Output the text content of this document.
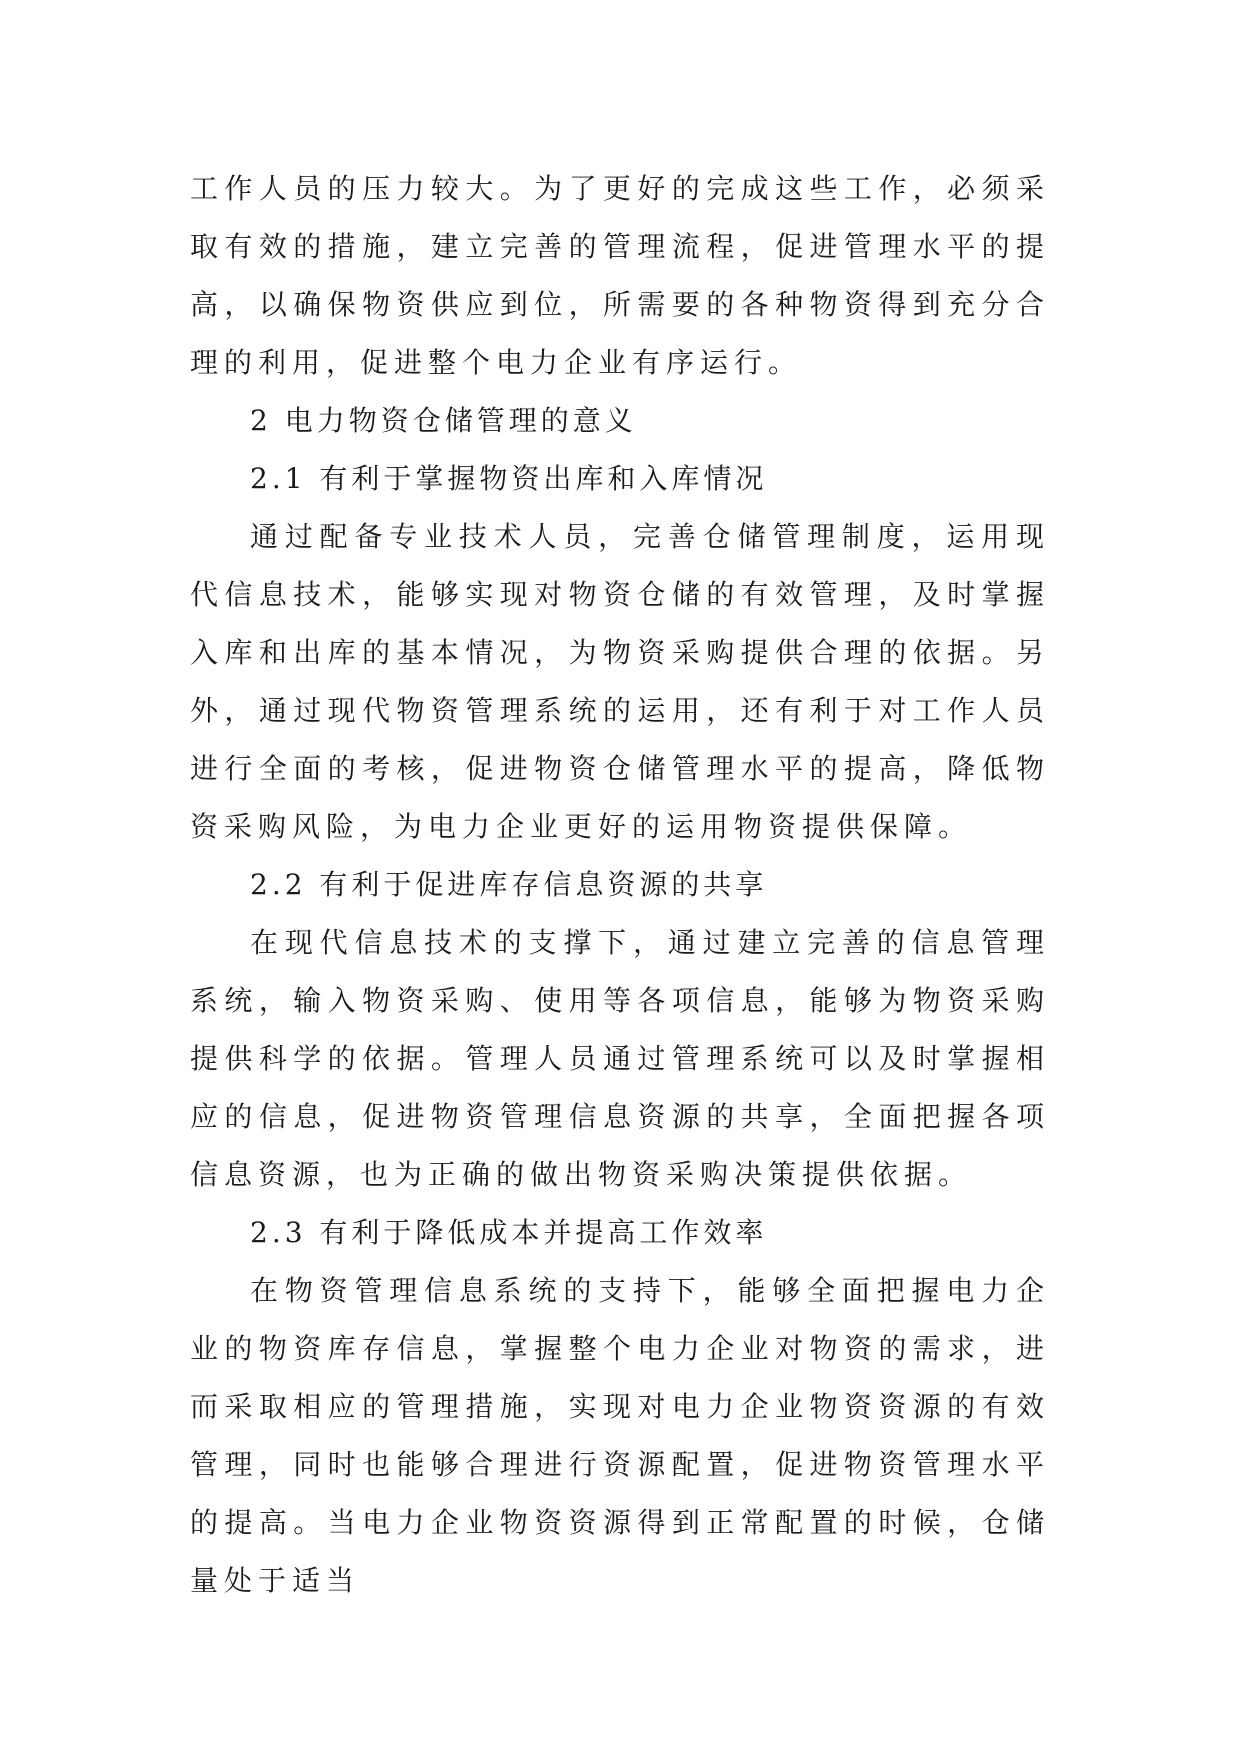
工作人员的压力较大。为了更好的完成这些工作，必须采取有效的措施，建立完善的管理流程，促进管理水平的提高，以确保物资供应到位，所需要的各种物资得到充分合理的利用，促进整个电力企业有序运行。

2 电力物资仓储管理的意义

2.1 有利于掌握物资出库和入库情况

通过配备专业技术人员，完善仓储管理制度，运用现代信息技术，能够实现对物资仓储的有效管理，及时掌握入库和出库的基本情况，为物资采购提供合理的依据。另外，通过现代物资管理系统的运用，还有利于对工作人员进行全面的考核，促进物资仓储管理水平的提高，降低物资采购风险，为电力企业更好的运用物资提供保障。

2.2 有利于促进库存信息资源的共享

在现代信息技术的支撑下，通过建立完善的信息管理系统，输入物资采购、使用等各项信息，能够为物资采购提供科学的依据。管理人员通过管理系统可以及时掌握相应的信息，促进物资管理信息资源的共享，全面把握各项信息资源，也为正确的做出物资采购决策提供依据。

2.3 有利于降低成本并提高工作效率

在物资管理信息系统的支持下，能够全面把握电力企业的物资库存信息，掌握整个电力企业对物资的需求，进而采取相应的管理措施，实现对电力企业物资资源的有效管理，同时也能够合理进行资源配置，促进物资管理水平的提高。当电力企业物资资源得到正常配置的时候，仓储量处于适当
